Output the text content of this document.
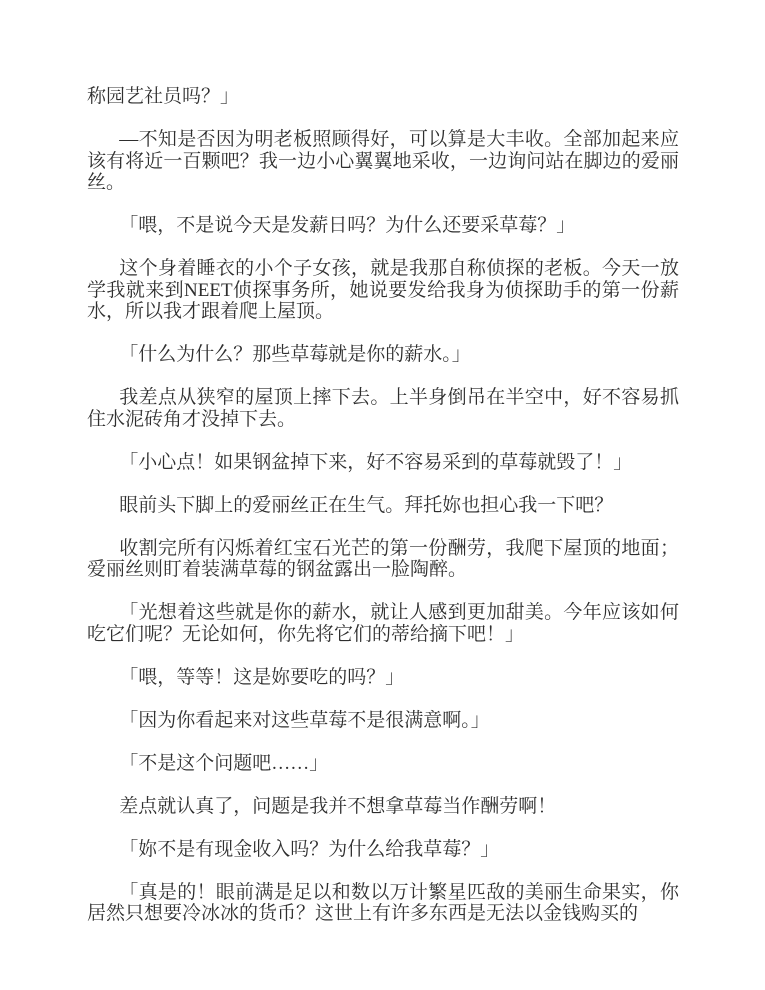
称园艺社员吗？」

—不知是否因为明老板照顾得好，可以算是大丰收。全部加起来应该有将近一百颗吧？我一边小心翼翼地采收，一边询问站在脚边的爱丽丝。

「喂，不是说今天是发薪日吗？为什么还要采草莓？」

这个身着睡衣的小个子女孩，就是我那自称侦探的老板。今天一放学我就来到NEET侦探事务所，她说要发给我身为侦探助手的第一份薪水，所以我才跟着爬上屋顶。

「什么为什么？那些草莓就是你的薪水。」

我差点从狭窄的屋顶上摔下去。上半身倒吊在半空中，好不容易抓住水泥砖角才没掉下去。

「小心点！如果钢盆掉下来，好不容易采到的草莓就毁了！」

眼前头下脚上的爱丽丝正在生气。拜托妳也担心我一下吧？

收割完所有闪烁着红宝石光芒的第一份酬劳，我爬下屋顶的地面；爱丽丝则盯着装满草莓的钢盆露出一脸陶醉。

「光想着这些就是你的薪水，就让人感到更加甜美。今年应该如何吃它们呢？无论如何，你先将它们的蒂给摘下吧！」

「喂，等等！这是妳要吃的吗？」

「因为你看起来对这些草莓不是很满意啊。」

「不是这个问题吧……」

差点就认真了，问题是我并不想拿草莓当作酬劳啊！

「妳不是有现金收入吗？为什么给我草莓？」

「真是的！眼前满是足以和数以万计繁星匹敌的美丽生命果实，你居然只想要冷冰冰的货币？这世上有许多东西是无法以金钱购买的
